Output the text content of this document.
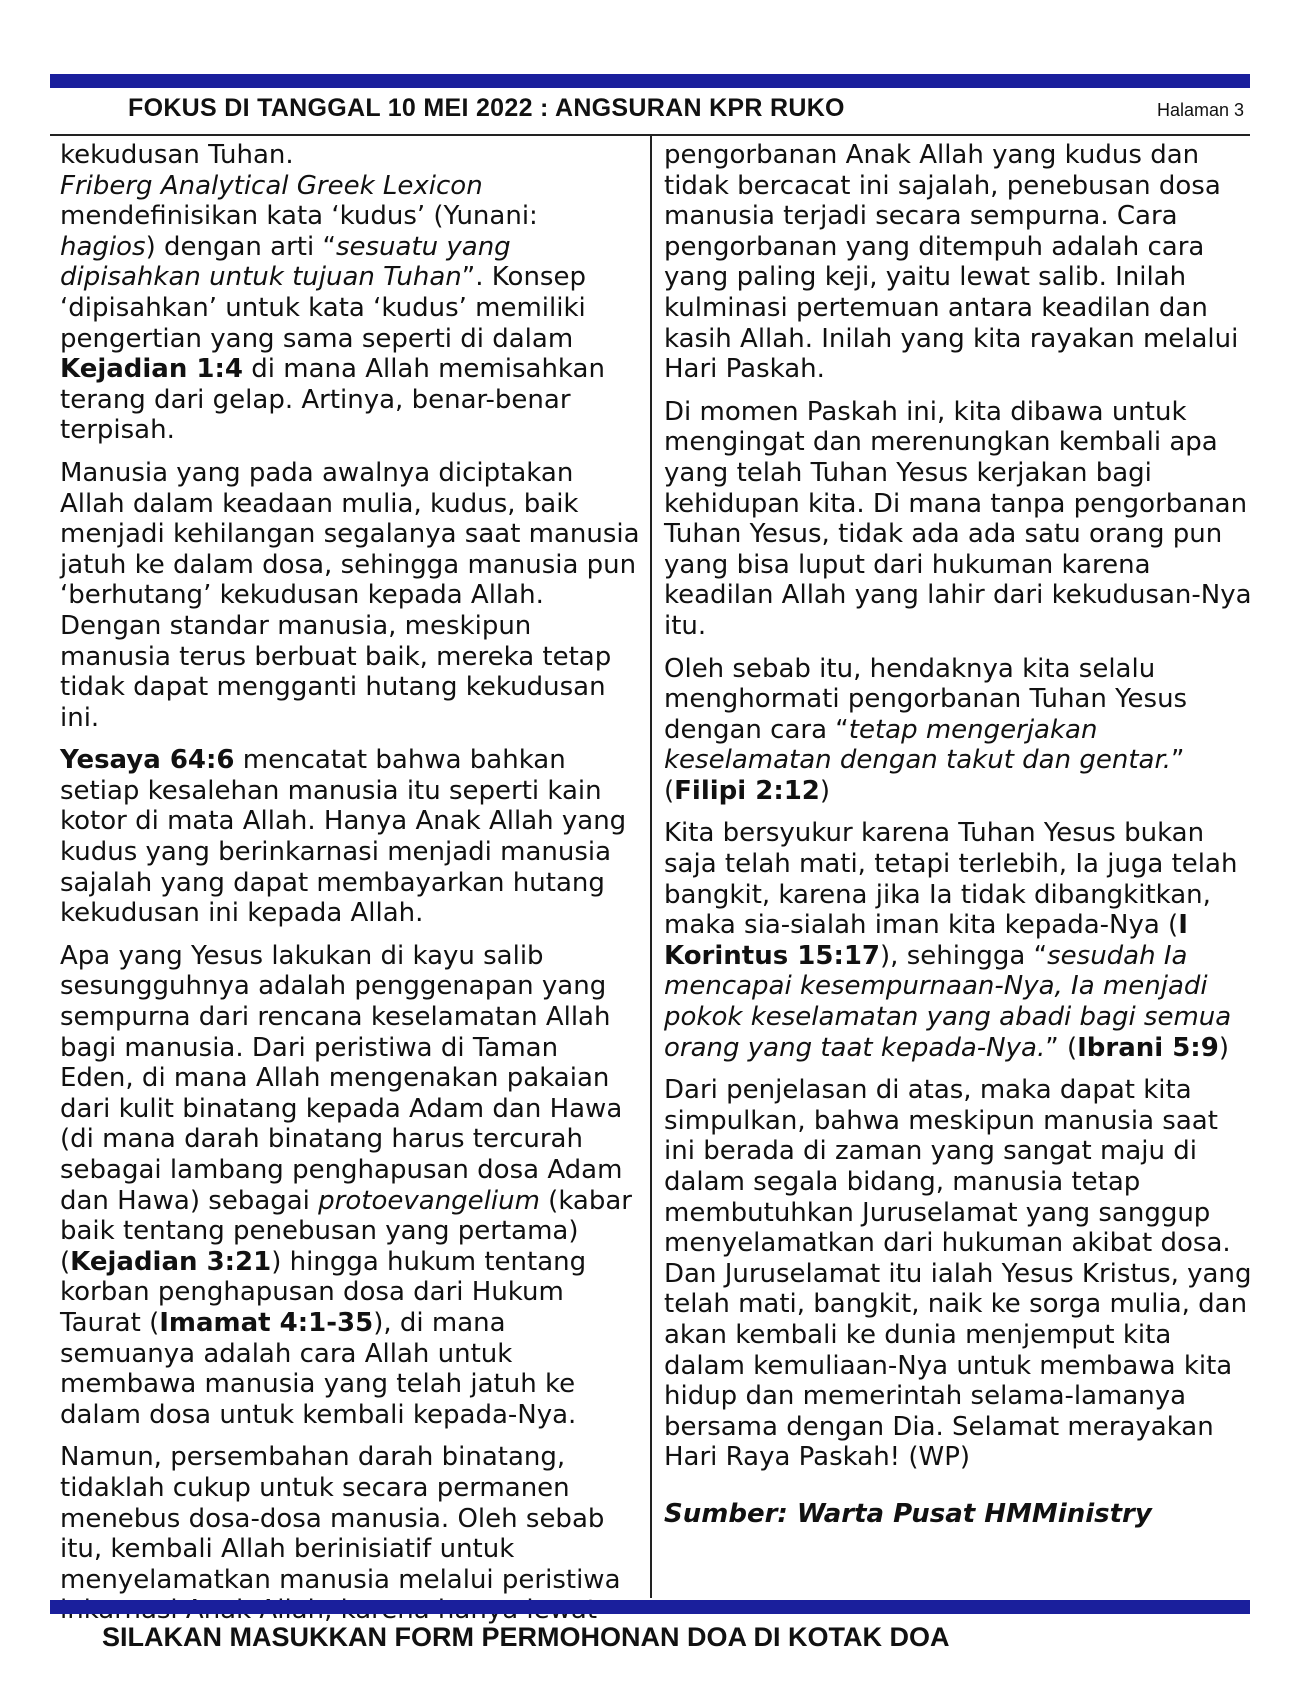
FOKUS DI TANGGAL 10 MEI 2022 : ANGSURAN KPR RUKO	Halaman 3

kekudusan Tuhan.

Friberg Analytical Greek Lexicon mendefinisikan kata ‘kudus’ (Yunani: hagios) dengan arti “sesuatu yang dipisahkan untuk tujuan Tuhan”. Konsep ‘dipisahkan’ untuk kata ‘kudus’ memiliki pengertian yang sama seperti di dalam Kejadian 1:4 di mana Allah memisahkan terang dari gelap. Artinya, benar-benar terpisah.

Manusia yang pada awalnya diciptakan Allah dalam keadaan mulia, kudus, baik menjadi kehilangan segalanya saat manusia jatuh ke dalam dosa, sehingga manusia pun ‘berhutang’ kekudusan kepada Allah. Dengan standar manusia, meskipun manusia terus berbuat baik, mereka tetap tidak dapat mengganti hutang kekudusan ini.

Yesaya 64:6 mencatat bahwa bahkan setiap kesalehan manusia itu seperti kain kotor di mata Allah. Hanya Anak Allah yang kudus yang berinkarnasi menjadi manusia sajalah yang dapat membayarkan hutang kekudusan ini kepada Allah.

Apa yang Yesus lakukan di kayu salib sesungguhnya adalah penggenapan yang sempurna dari rencana keselamatan Allah bagi manusia. Dari peristiwa di Taman Eden, di mana Allah mengenakan pakaian dari kulit binatang kepada Adam dan Hawa (di mana darah binatang harus tercurah sebagai lambang penghapusan dosa Adam dan Hawa) sebagai protoevangelium (kabar baik tentang penebusan yang pertama) (Kejadian 3:21) hingga hukum tentang korban penghapusan dosa dari Hukum Taurat (Imamat 4:1-35), di mana semuanya adalah cara Allah untuk membawa manusia yang telah jatuh ke dalam dosa untuk kembali kepada-Nya.

Namun, persembahan darah binatang, tidaklah cukup untuk secara permanen menebus dosa-dosa manusia. Oleh sebab itu, kembali Allah berinisiatif untuk menyelamatkan manusia melalui peristiwa

pengorbanan Anak Allah yang kudus dan tidak bercacat ini sajalah, penebusan dosa manusia terjadi secara sempurna. Cara pengorbanan yang ditempuh adalah cara yang paling keji, yaitu lewat salib. Inilah kulminasi pertemuan antara keadilan dan kasih Allah. Inilah yang kita rayakan melalui Hari Paskah.

Di momen Paskah ini, kita dibawa untuk mengingat dan merenungkan kembali apa yang telah Tuhan Yesus kerjakan bagi kehidupan kita. Di mana tanpa pengorbanan Tuhan Yesus, tidak ada ada satu orang pun yang bisa luput dari hukuman karena keadilan Allah yang lahir dari kekudusan-Nya itu.

Oleh sebab itu, hendaknya kita selalu menghormati pengorbanan Tuhan Yesus dengan cara “tetap mengerjakan keselamatan dengan takut dan gentar.” (Filipi 2:12)

Kita bersyukur karena Tuhan Yesus bukan saja telah mati, tetapi terlebih, Ia juga telah bangkit, karena jika Ia tidak dibangkitkan, maka sia-sialah iman kita kepada-Nya (I Korintus 15:17), sehingga “sesudah Ia mencapai kesempurnaan-Nya, Ia menjadi pokok keselamatan yang abadi bagi semua orang yang taat kepada-Nya.” (Ibrani 5:9)

Dari penjelasan di atas, maka dapat kita simpulkan, bahwa meskipun manusia saat ini berada di zaman yang sangat maju di dalam segala bidang, manusia tetap membutuhkan Juruselamat yang sanggup menyelamatkan dari hukuman akibat dosa. Dan Juruselamat itu ialah Yesus Kristus, yang telah mati, bangkit, naik ke sorga mulia, dan akan kembali ke dunia menjemput kita dalam kemuliaan-Nya untuk membawa kita hidup dan memerintah selama-lamanya bersama dengan Dia. Selamat merayakan Hari Raya Paskah! (WP)

Sumber: Warta Pusat HMMinistry

SILAKAN MASUKKAN FORM PERMOHONAN DOA DI KOTAK DOA
